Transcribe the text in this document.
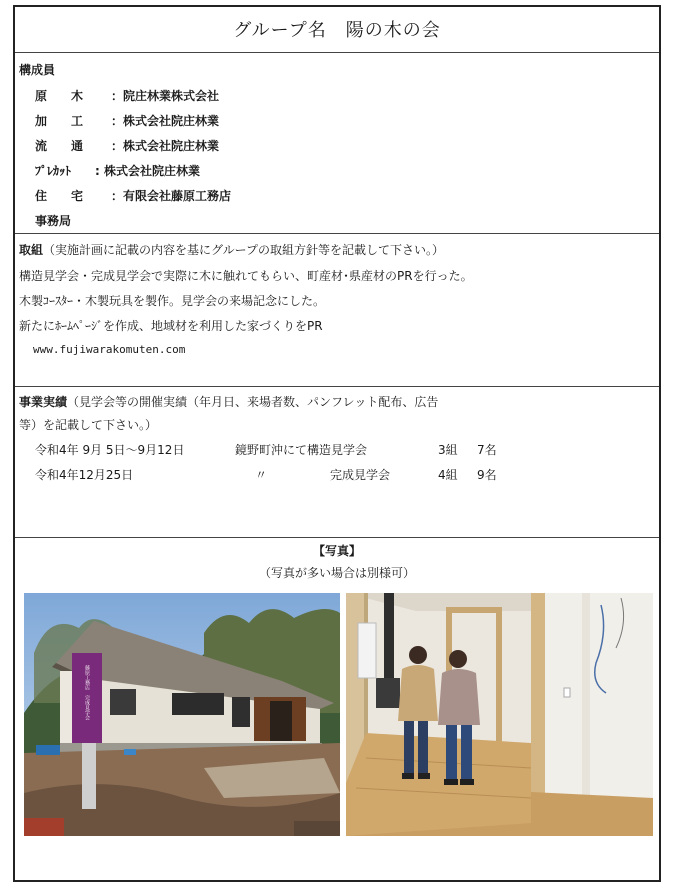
グループ名　陽の木の会
構成員
原　　木 ：院庄林業株式会社
加　　工 ：株式会社院庄林業
流　　通 ：株式会社院庄林業
ﾌﾟﾚｶｯﾄ : 株式会社院庄林業
住　　宅 ：有限会社藤原工務店
事務局
取組（実施計画に記載の内容を基にグループの取組方針等を記載して下さい。）
構造見学会・完成見学会で実際に木に触れてもらい、町産材･県産材のPRを行った。
木製ｺｰｽﾀｰ・木製玩具を製作。見学会の来場記念にした。
新たにﾎｰﾑﾍﾟｰｼﾞを作成、地域材を利用した家づくりをPR
www.fujiwarakomuten.com
事業実績（見学会等の開催実績（年月日、来場者数、パンフレット配布、広告
等）を記載して下さい。）
令和4年 9月 5日～9月12日	鏡野町沖にて構造見学会	3組 7名
令和4年12月25日	〃	完成見学会	4組 9名
【写真】
（写真が多い場合は別様可）
藤原工務店　完成見学会
